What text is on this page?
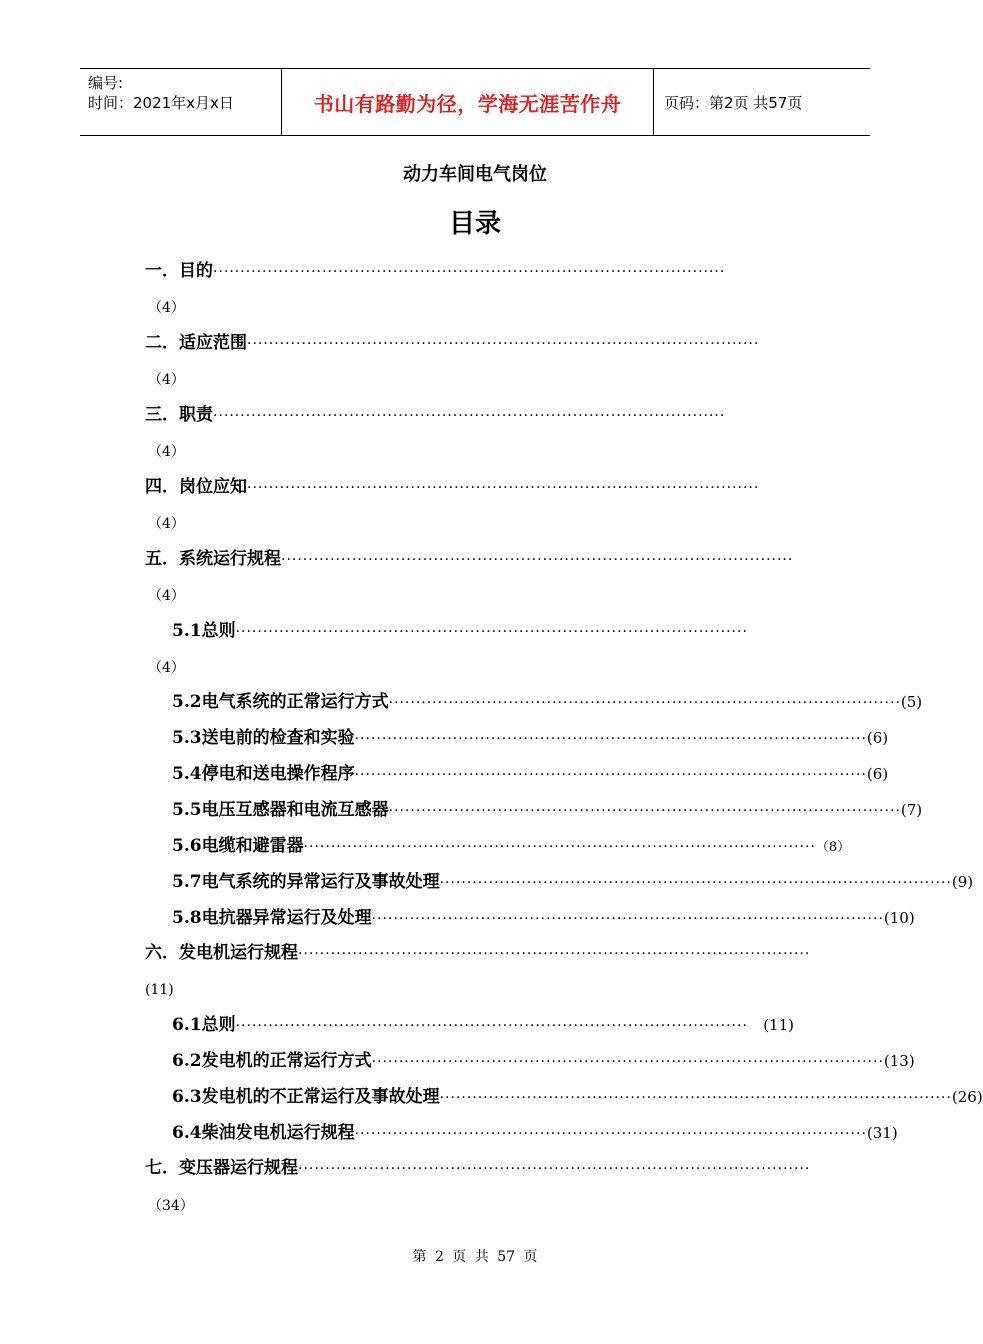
编号:
时间：2021年x月x日	书山有路勤为径，学海无涯苦作舟	页码：第2页 共57页
动力车间电气岗位
目录
一．目的 ······························································································
（4）
二．适应范围 ······························································································
（4）
三．职责 ······························································································
（4）
四．岗位应知 ······························································································
（4）
五．系统运行规程 ······························································································
（4）
5.1总则 ······························································································
（4）
5.2电气系统的正常运行方式 ······························································································ (5)
5.3送电前的检查和实验 ······························································································ (6)
5.4停电和送电操作程序 ······························································································ (6)
5.5电压互感器和电流互感器 ······························································································ (7)
5.6电缆和避雷器 ······························································································ （8）
5.7电气系统的异常运行及事故处理 ······························································································ (9)
5.8电抗器异常运行及处理 ······························································································ (10)
六．发电机运行规程 ······························································································
(11)
6.1总则 ······························································································	(11)
6.2发电机的正常运行方式 ······························································································ (13)
6.3发电机的不正常运行及事故处理 ······························································································ (26)
6.4柴油发电机运行规程 ······························································································ (31)
七．变压器运行规程 ······························································································
（34）
第 2 页 共 57 页
